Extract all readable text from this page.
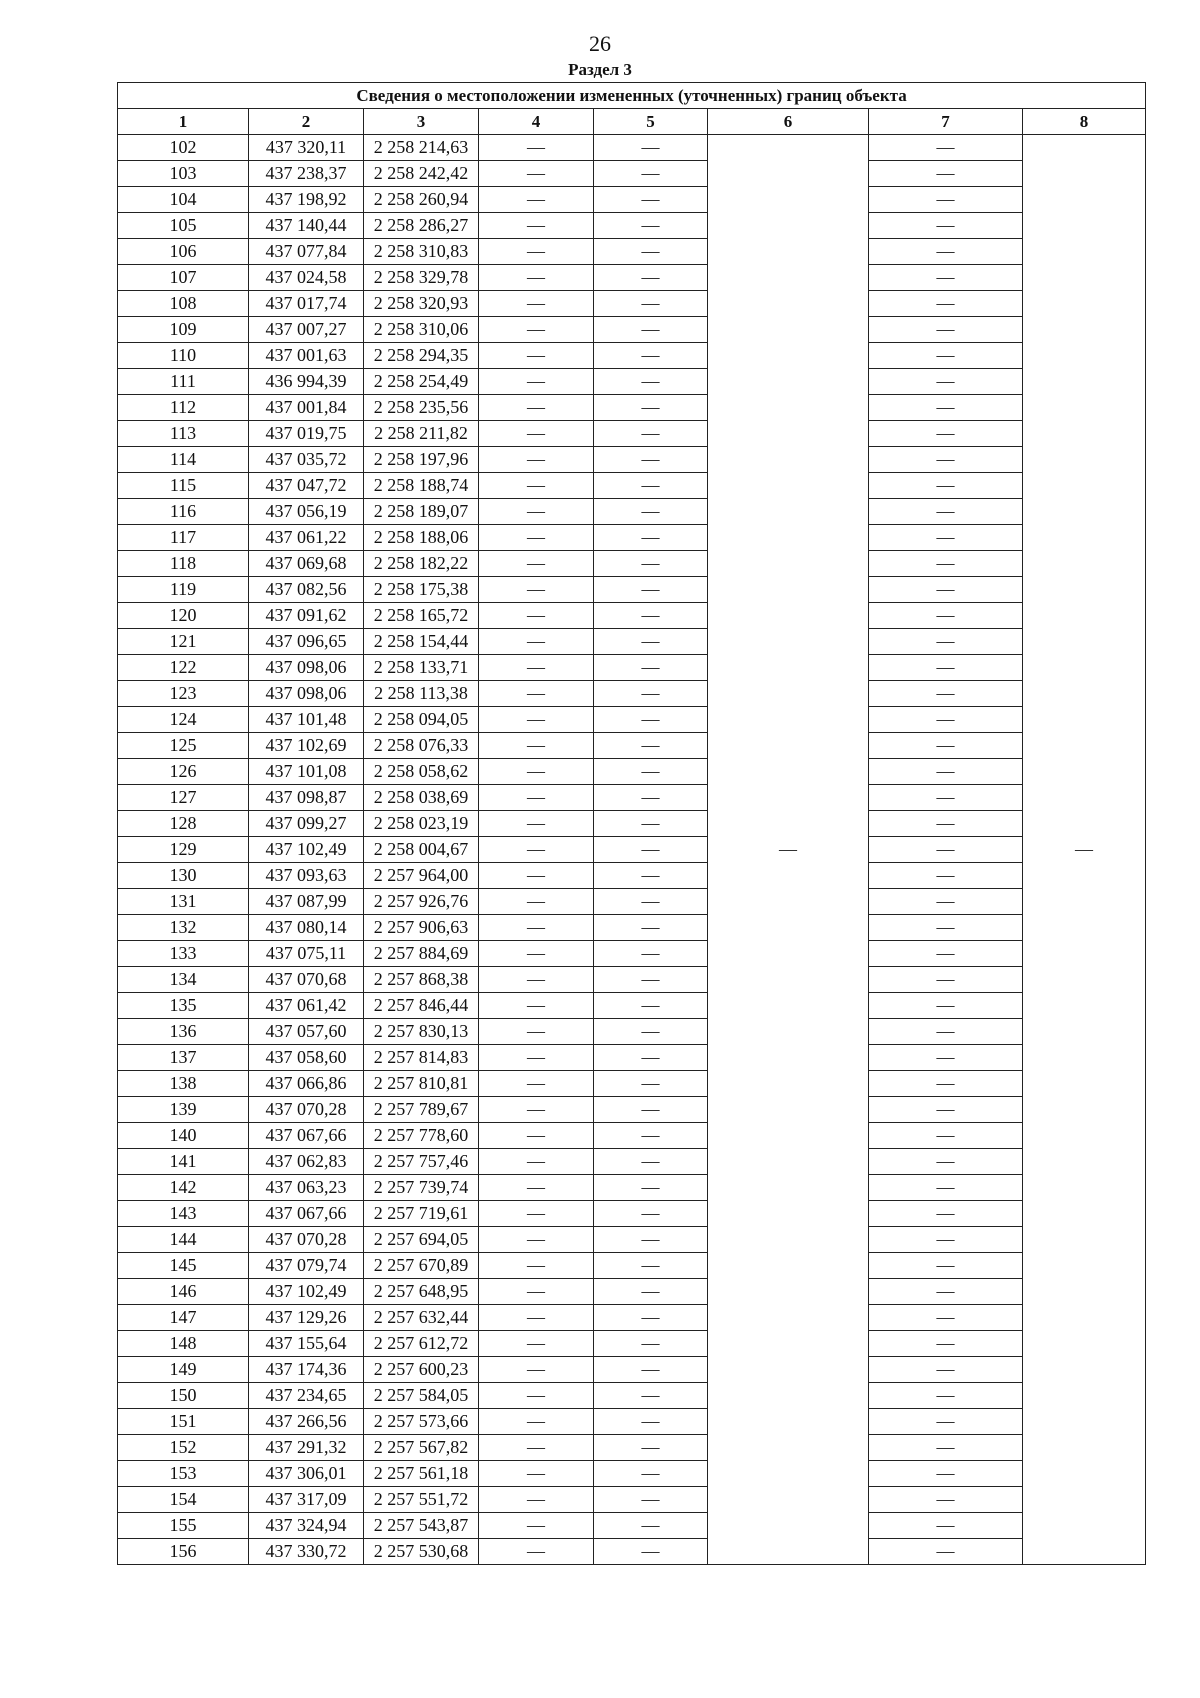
26
Раздел 3
Сведения о местоположении измененных (уточненных) границ объекта							
1	2	3	4	5	6	7	8
102	437 320,11	2 258 214,63	—	—	—	—	—
103	437 238,37	2 258 242,42	—	—		—	
104	437 198,92	2 258 260,94	—	—		—	
105	437 140,44	2 258 286,27	—	—		—	
106	437 077,84	2 258 310,83	—	—		—	
107	437 024,58	2 258 329,78	—	—		—	
108	437 017,74	2 258 320,93	—	—		—	
109	437 007,27	2 258 310,06	—	—		—	
110	437 001,63	2 258 294,35	—	—		—	
111	436 994,39	2 258 254,49	—	—		—	
112	437 001,84	2 258 235,56	—	—		—	
113	437 019,75	2 258 211,82	—	—		—	
114	437 035,72	2 258 197,96	—	—		—	
115	437 047,72	2 258 188,74	—	—		—	
116	437 056,19	2 258 189,07	—	—		—	
117	437 061,22	2 258 188,06	—	—		—	
118	437 069,68	2 258 182,22	—	—		—	
119	437 082,56	2 258 175,38	—	—		—	
120	437 091,62	2 258 165,72	—	—		—	
121	437 096,65	2 258 154,44	—	—		—	
122	437 098,06	2 258 133,71	—	—		—	
123	437 098,06	2 258 113,38	—	—		—	
124	437 101,48	2 258 094,05	—	—		—	
125	437 102,69	2 258 076,33	—	—		—	
126	437 101,08	2 258 058,62	—	—		—	
127	437 098,87	2 258 038,69	—	—		—	
128	437 099,27	2 258 023,19	—	—		—	
129	437 102,49	2 258 004,67	—	—		—	
130	437 093,63	2 257 964,00	—	—		—	
131	437 087,99	2 257 926,76	—	—		—	
132	437 080,14	2 257 906,63	—	—		—	
133	437 075,11	2 257 884,69	—	—		—	
134	437 070,68	2 257 868,38	—	—		—	
135	437 061,42	2 257 846,44	—	—		—	
136	437 057,60	2 257 830,13	—	—		—	
137	437 058,60	2 257 814,83	—	—		—	
138	437 066,86	2 257 810,81	—	—		—	
139	437 070,28	2 257 789,67	—	—		—	
140	437 067,66	2 257 778,60	—	—		—	
141	437 062,83	2 257 757,46	—	—		—	
142	437 063,23	2 257 739,74	—	—		—	
143	437 067,66	2 257 719,61	—	—		—	
144	437 070,28	2 257 694,05	—	—		—	
145	437 079,74	2 257 670,89	—	—		—	
146	437 102,49	2 257 648,95	—	—		—	
147	437 129,26	2 257 632,44	—	—		—	
148	437 155,64	2 257 612,72	—	—		—	
149	437 174,36	2 257 600,23	—	—		—	
150	437 234,65	2 257 584,05	—	—		—	
151	437 266,56	2 257 573,66	—	—		—	
152	437 291,32	2 257 567,82	—	—		—	
153	437 306,01	2 257 561,18	—	—		—	
154	437 317,09	2 257 551,72	—	—		—	
155	437 324,94	2 257 543,87	—	—		—	
156	437 330,72	2 257 530,68	—	—		—	
